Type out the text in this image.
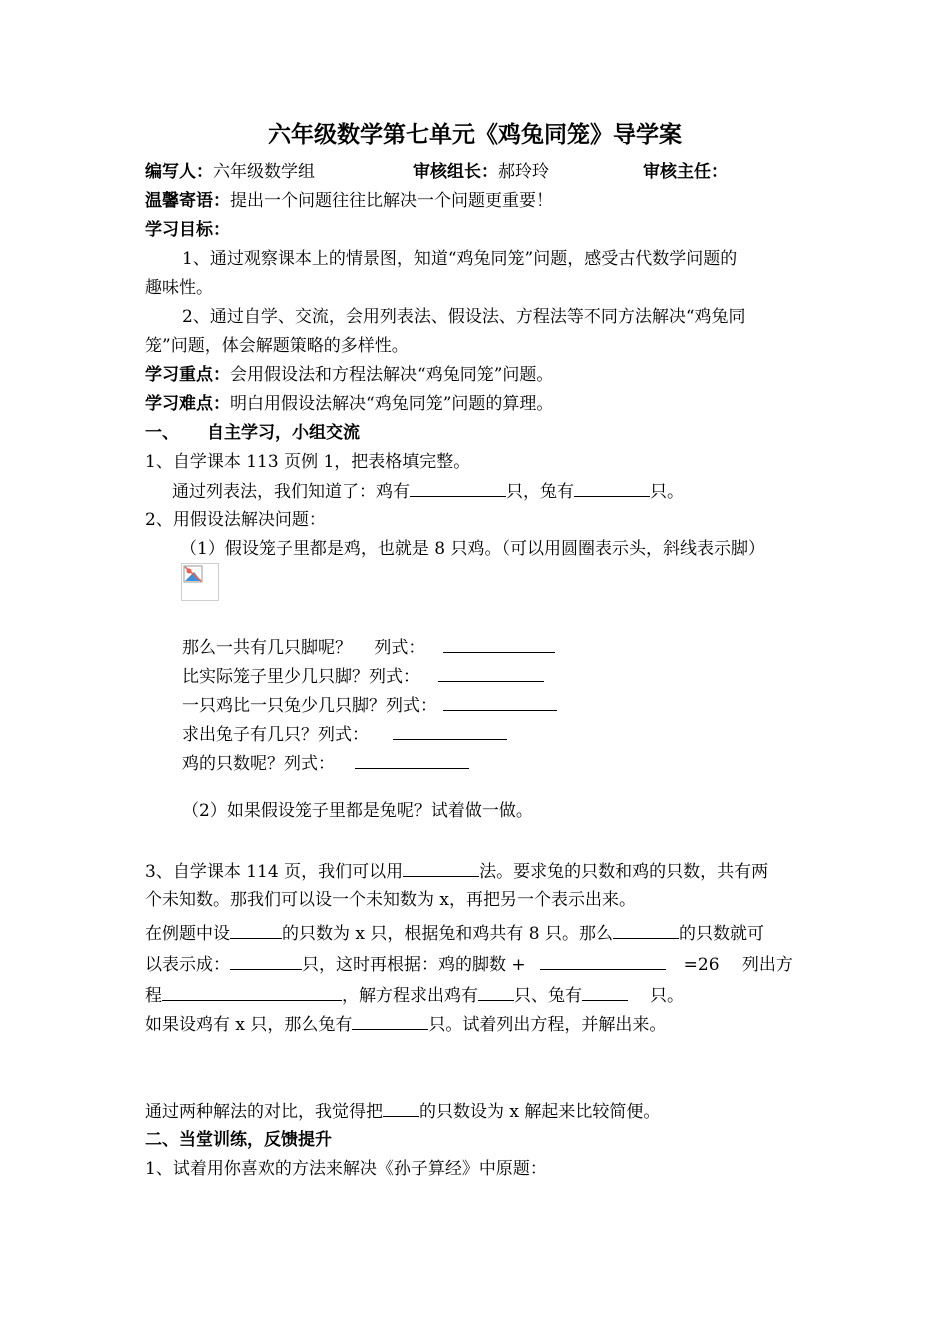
六年级数学第七单元《鸡兔同笼》导学案
编写人：六年级数学组	审核组长：郝玲玲	审核主任：
温馨寄语：提出一个问题往往比解决一个问题更重要！
学习目标：
1、通过观察课本上的情景图，知道“鸡兔同笼”问题，感受古代数学问题的
趣味性。
2、通过自学、交流，会用列表法、假设法、方程法等不同方法解决“鸡兔同
笼”问题，体会解题策略的多样性。
学习重点：会用假设法和方程法解决“鸡兔同笼”问题。
学习难点：明白用假设法解决“鸡兔同笼”问题的算理。
一、 自主学习，小组交流
1、自学课本 113 页例 1，把表格填完整。
通过列表法，我们知道了：鸡有	只，兔有	只。
2、用假设法解决问题：
（1）假设笼子里都是鸡，也就是 8 只鸡。（可以用圆圈表示头，斜线表示脚）
那么一共有几只脚呢？　 列式：
比实际笼子里少几只脚？列式：
一只鸡比一只兔少几只脚？列式：
求出兔子有几只？列式：
鸡的只数呢？列式：
（2）如果假设笼子里都是兔呢？试着做一做。
3、自学课本 114 页，我们可以用	法。要求兔的只数和鸡的只数，共有两
个未知数。那我们可以设一个未知数为 x，再把另一个表示出来。
在例题中设	的只数为 x 只，根据兔和鸡共有 8 只。那么	的只数就可
以表示成：	只，这时再根据：鸡的脚数 +	=26　 列出方
程	，解方程求出鸡有 只、兔有	只。
如果设鸡有 x 只，那么兔有	只。试着列出方程，并解出来。
通过两种解法的对比，我觉得把 的只数设为 x 解起来比较简便。
二、当堂训练，反馈提升
1、试着用你喜欢的方法来解决《孙子算经》中原题：
